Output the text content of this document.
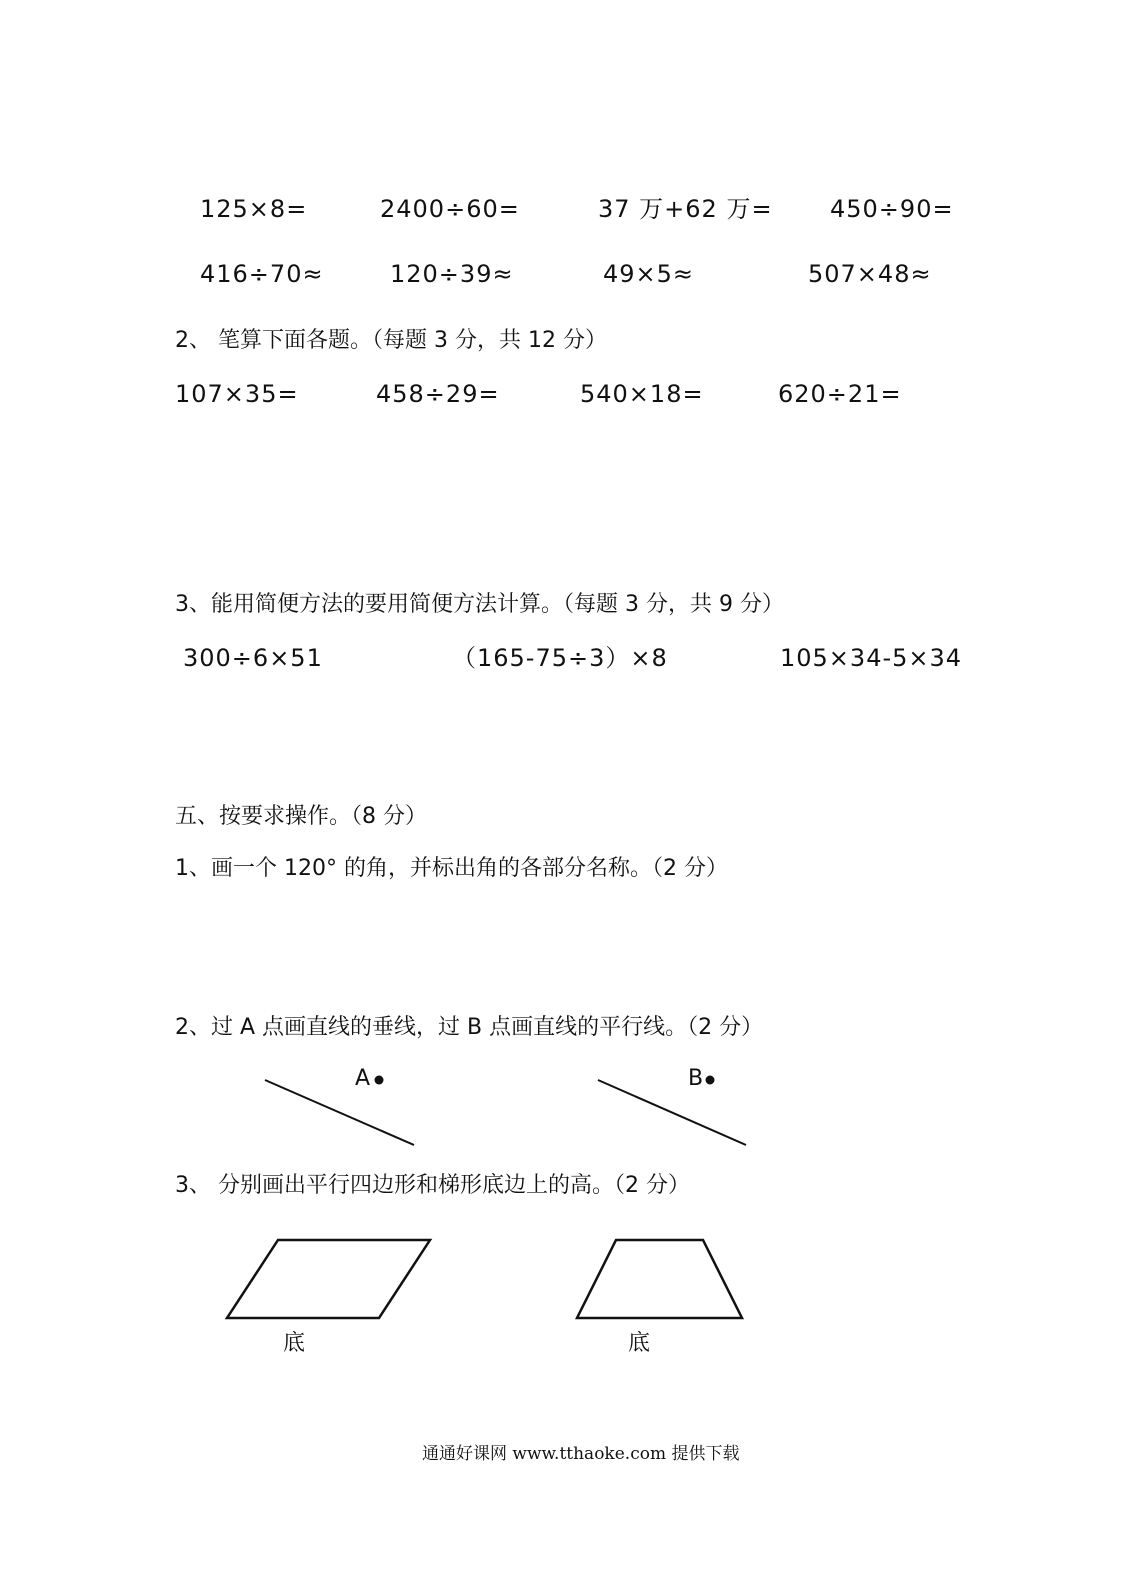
125×8=	2400÷60=	37 万+62 万= 450÷90=
416÷70≈	120÷39≈	49×5≈	507×48≈
2、 笔算下面各题。（每题 3 分，共 12 分）
107×35=	458÷29=	540×18=	620÷21=
3、能用简便方法的要用简便方法计算。（每题 3 分，共 9 分）
300÷6×51	（165-75÷3）×8	105×34-5×34
五、按要求操作。（8 分）
1、画一个 120° 的角，并标出角的各部分名称。（2 分）
2、过 A 点画直线的垂线，过 B 点画直线的平行线。（2 分）
A	B
3、 分别画出平行四边形和梯形底边上的高。（2 分）
底	底
通通好课网 www.tthaoke.com 提供下载
